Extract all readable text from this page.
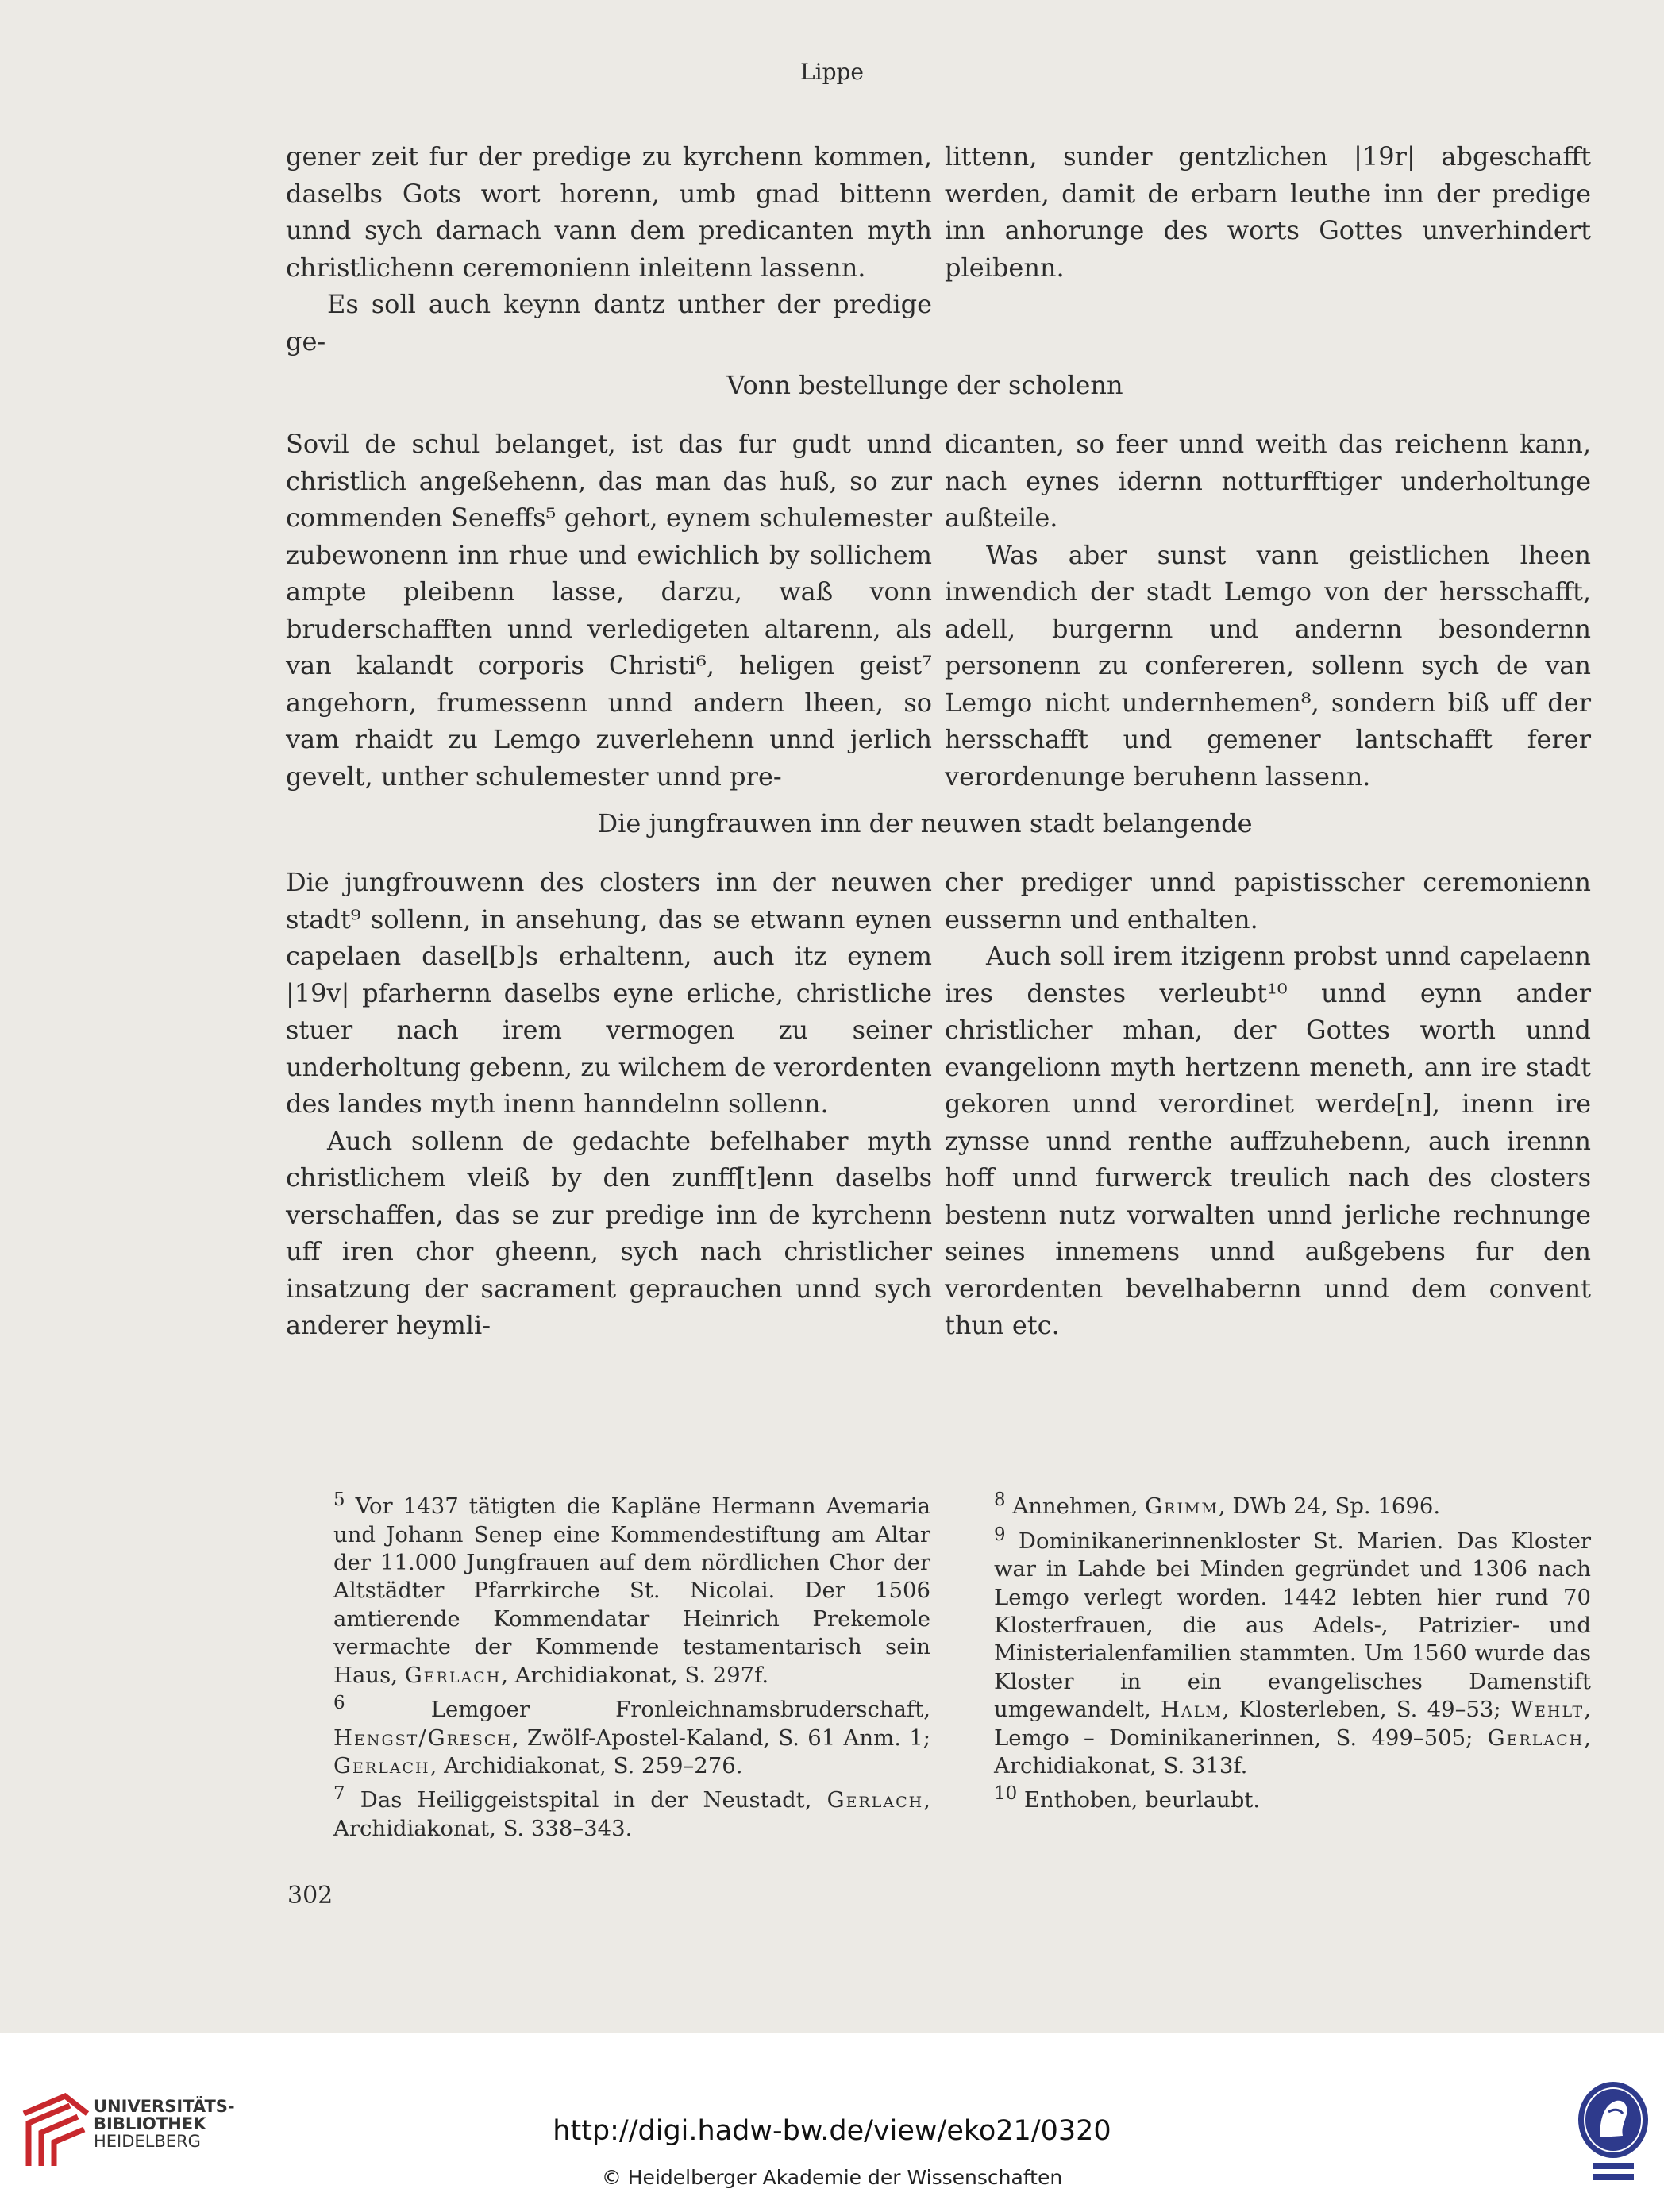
Lippe

gener zeit fur der predige zu kyrchenn kommen, daselbs Gots wort horenn, umb gnad bittenn unnd sych darnach vann dem predicanten myth christlichenn ceremonienn inleitenn lassenn.

Es soll auch keynn dantz unther der predige ge-

littenn, sunder gentzlichen |19r| abgeschafft werden, damit de erbarn leuthe inn der predige inn anhorunge des worts Gottes unverhindert pleibenn.

Vonn bestellunge der scholenn

Sovil de schul belanget, ist das fur gudt unnd christlich angeßehenn, das man das huß, so zur commenden Seneffs⁵ gehort, eynem schulemester zubewonenn inn rhue und ewichlich by sollichem ampte pleibenn lasse, darzu, waß vonn bruderschafften unnd verledigeten altarenn, als van kalandt corporis Christi⁶, heligen geist⁷ angehorn, frumessenn unnd andern lheen, so vam rhaidt zu Lemgo zuverlehenn unnd jerlich gevelt, unther schulemester unnd pre-

dicanten, so feer unnd weith das reichenn kann, nach eynes idernn notturfftiger underholtunge außteile.

Was aber sunst vann geistlichen lheen inwendich der stadt Lemgo von der hersschafft, adell, burgernn und andernn besondernn personenn zu confereren, sollenn sych de van Lemgo nicht undernhemen⁸, sondern biß uff der hersschafft und gemener lantschafft ferer verordenunge beruhenn lassenn.

Die jungfrauwen inn der neuwen stadt belangende

Die jungfrouwenn des closters inn der neuwen stadt⁹ sollenn, in ansehung, das se etwann eynen capelaen dasel[b]s erhaltenn, auch itz eynem |19v| pfarhernn daselbs eyne erliche, christliche stuer nach irem vermogen zu seiner underholtung gebenn, zu wilchem de verordenten des landes myth inenn hanndelnn sollenn.

Auch sollenn de gedachte befelhaber myth christlichem vleiß by den zunff[t]enn daselbs verschaffen, das se zur predige inn de kyrchenn uff iren chor gheenn, sych nach christlicher insatzung der sacrament geprauchen unnd sych anderer heymli-

cher prediger unnd papistisscher ceremonienn eussernn und enthalten.

Auch soll irem itzigenn probst unnd capelaenn ires denstes verleubt¹⁰ unnd eynn ander christlicher mhan, der Gottes worth unnd evangelionn myth hertzenn meneth, ann ire stadt gekoren unnd verordinet werde[n], inenn ire zynsse unnd renthe auffzuhebenn, auch irennn hoff unnd furwerck treulich nach des closters bestenn nutz vorwalten unnd jerliche rechnunge seines innemens unnd außgebens fur den verordenten bevelhabernn unnd dem convent thun etc.

$^5$ Vor 1437 tätigten die Kapläne Hermann Avemaria und Johann Senep eine Kommendestiftung am Altar der 11.000 Jungfrauen auf dem nördlichen Chor der Altstädter Pfarrkirche St. Nicolai. Der 1506 amtierende Kommendatar Heinrich Prekemole vermachte der Kommende testamentarisch sein Haus, Gerlach, Archidiakonat, S. 297f.

$^6$	Lemgoer Fronleichnamsbruderschaft, Hengst/Gresch, Zwölf-Apostel-Kaland, S. 61 Anm. 1; Gerlach, Archidiakonat, S. 259–276.

$^7$ Das Heiliggeistspital in der Neustadt, Gerlach, Archidiakonat, S. 338–343.

$^8$ Annehmen, Grimm, DWb 24, Sp. 1696.

$^9$ Dominikanerinnenkloster St. Marien. Das Kloster war in Lahde bei Minden gegründet und 1306 nach Lemgo verlegt worden. 1442 lebten hier rund 70 Klosterfrauen, die aus Adels-, Patrizier- und Ministerialenfamilien stammten. Um 1560 wurde das Kloster in ein evangelisches Damenstift umgewandelt, Halm, Klosterleben, S. 49–53; Wehlt, Lemgo – Dominikanerinnen, S. 499–505; Gerlach, Archidiakonat, S. 313f.

$^{10}$ Enthoben, beurlaubt.

302
UNIVERSITÄTS-
BIBLIOTHEK
HEIDELBERG	http://digi.hadw-bw.de/view/eko21/0320
© Heidelberger Akademie der Wissenschaften
